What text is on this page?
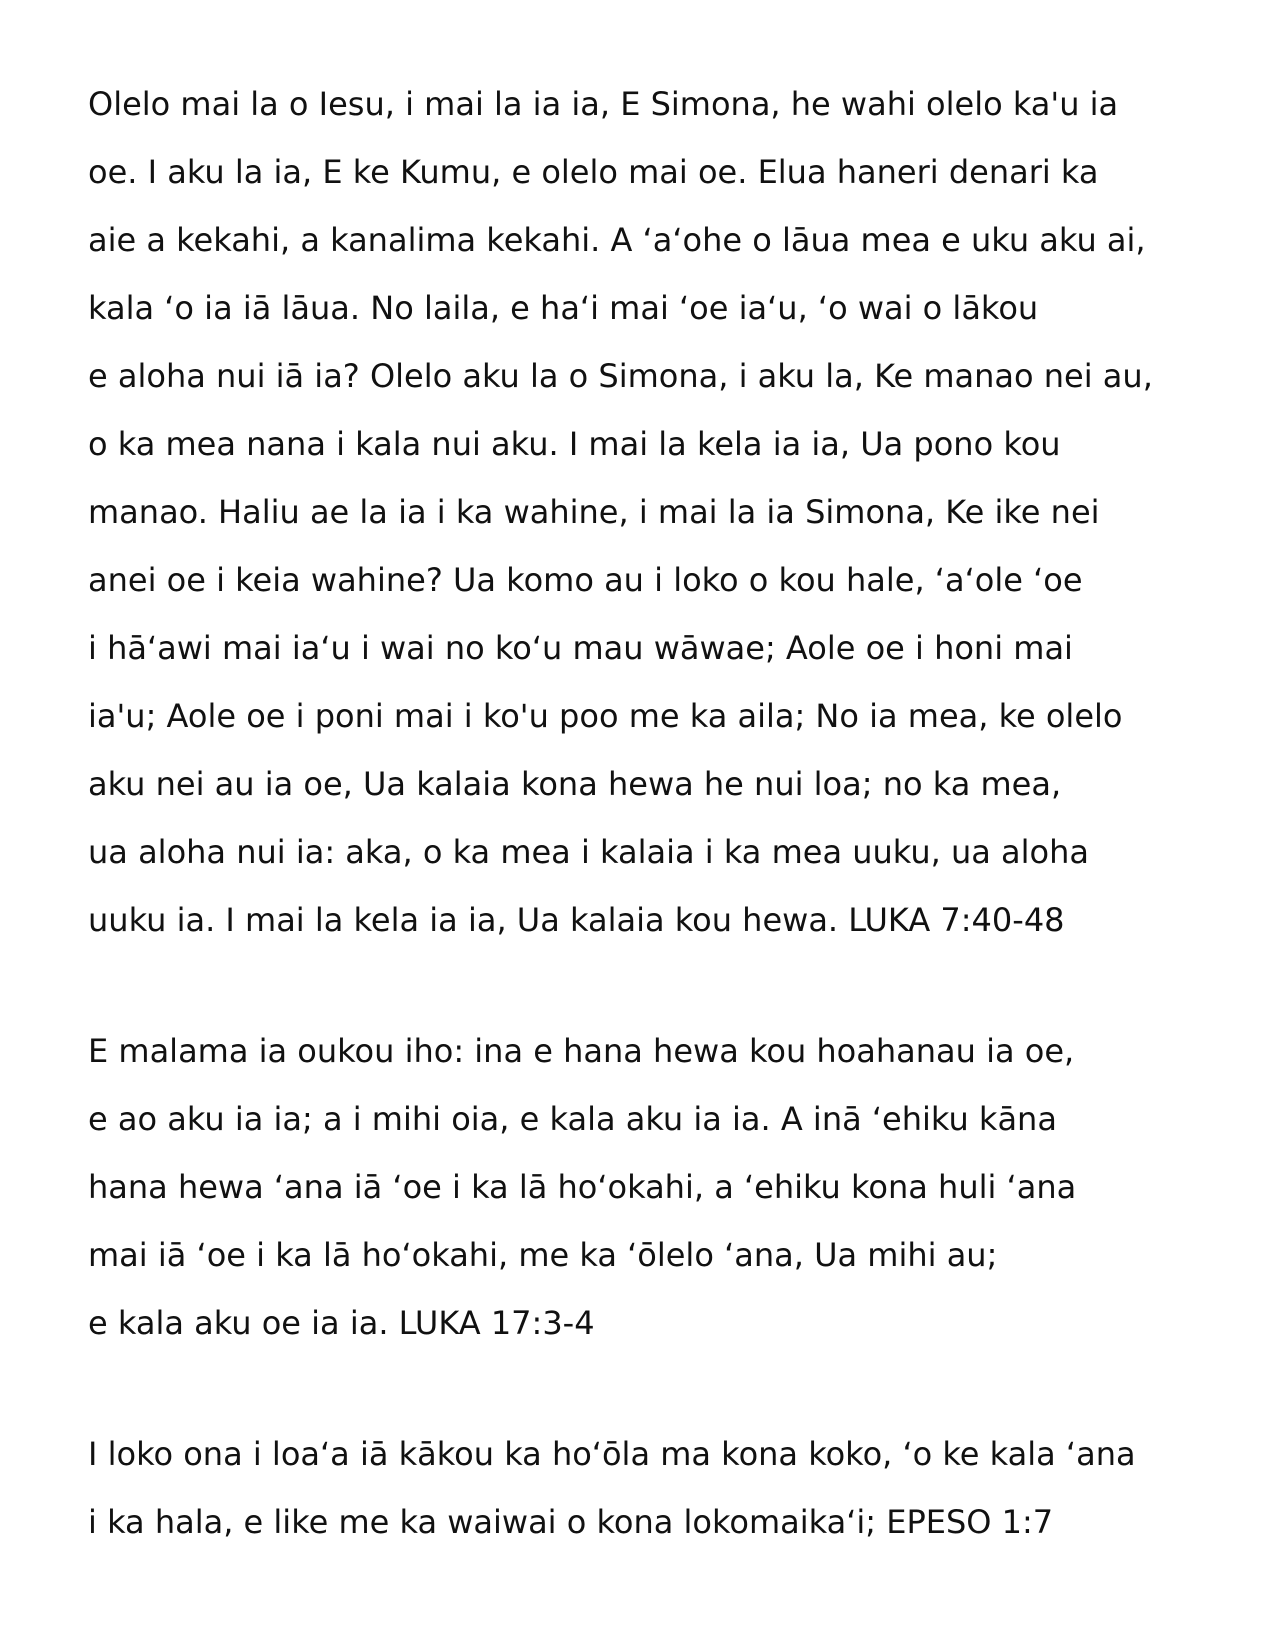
Olelo mai la o Iesu, i mai la ia ia, E Simona, he wahi olelo ka'u ia
oe. I aku la ia, E ke Kumu, e olelo mai oe. Elua haneri denari ka
aie a kekahi, a kanalima kekahi. A ‘a‘ohe o lāua mea e uku aku ai,
kala ‘o ia iā lāua. No laila, e ha‘i mai ‘oe ia‘u, ‘o wai o lākou
e aloha nui iā ia? Olelo aku la o Simona, i aku la, Ke manao nei au,
o ka mea nana i kala nui aku. I mai la kela ia ia, Ua pono kou
manao. Haliu ae la ia i ka wahine, i mai la ia Simona, Ke ike nei
anei oe i keia wahine? Ua komo au i loko o kou hale, ‘a‘ole ‘oe
i hā‘awi mai ia‘u i wai no ko‘u mau wāwae; Aole oe i honi mai
ia'u; Aole oe i poni mai i ko'u poo me ka aila; No ia mea, ke olelo
aku nei au ia oe, Ua kalaia kona hewa he nui loa; no ka mea,
ua aloha nui ia: aka, o ka mea i kalaia i ka mea uuku, ua aloha
uuku ia. I mai la kela ia ia, Ua kalaia kou hewa. LUKA 7:40-48
E malama ia oukou iho: ina e hana hewa kou hoahanau ia oe,
e ao aku ia ia; a i mihi oia, e kala aku ia ia. A inā ‘ehiku kāna
hana hewa ‘ana iā ‘oe i ka lā ho‘okahi, a ‘ehiku kona huli ‘ana
mai iā ‘oe i ka lā ho‘okahi, me ka ‘ōlelo ‘ana, Ua mihi au;
e kala aku oe ia ia. LUKA 17:3-4
I loko ona i loa‘a iā kākou ka ho‘ōla ma kona koko, ‘o ke kala ‘ana
i ka hala, e like me ka waiwai o kona lokomaika‘i; EPESO 1:7
